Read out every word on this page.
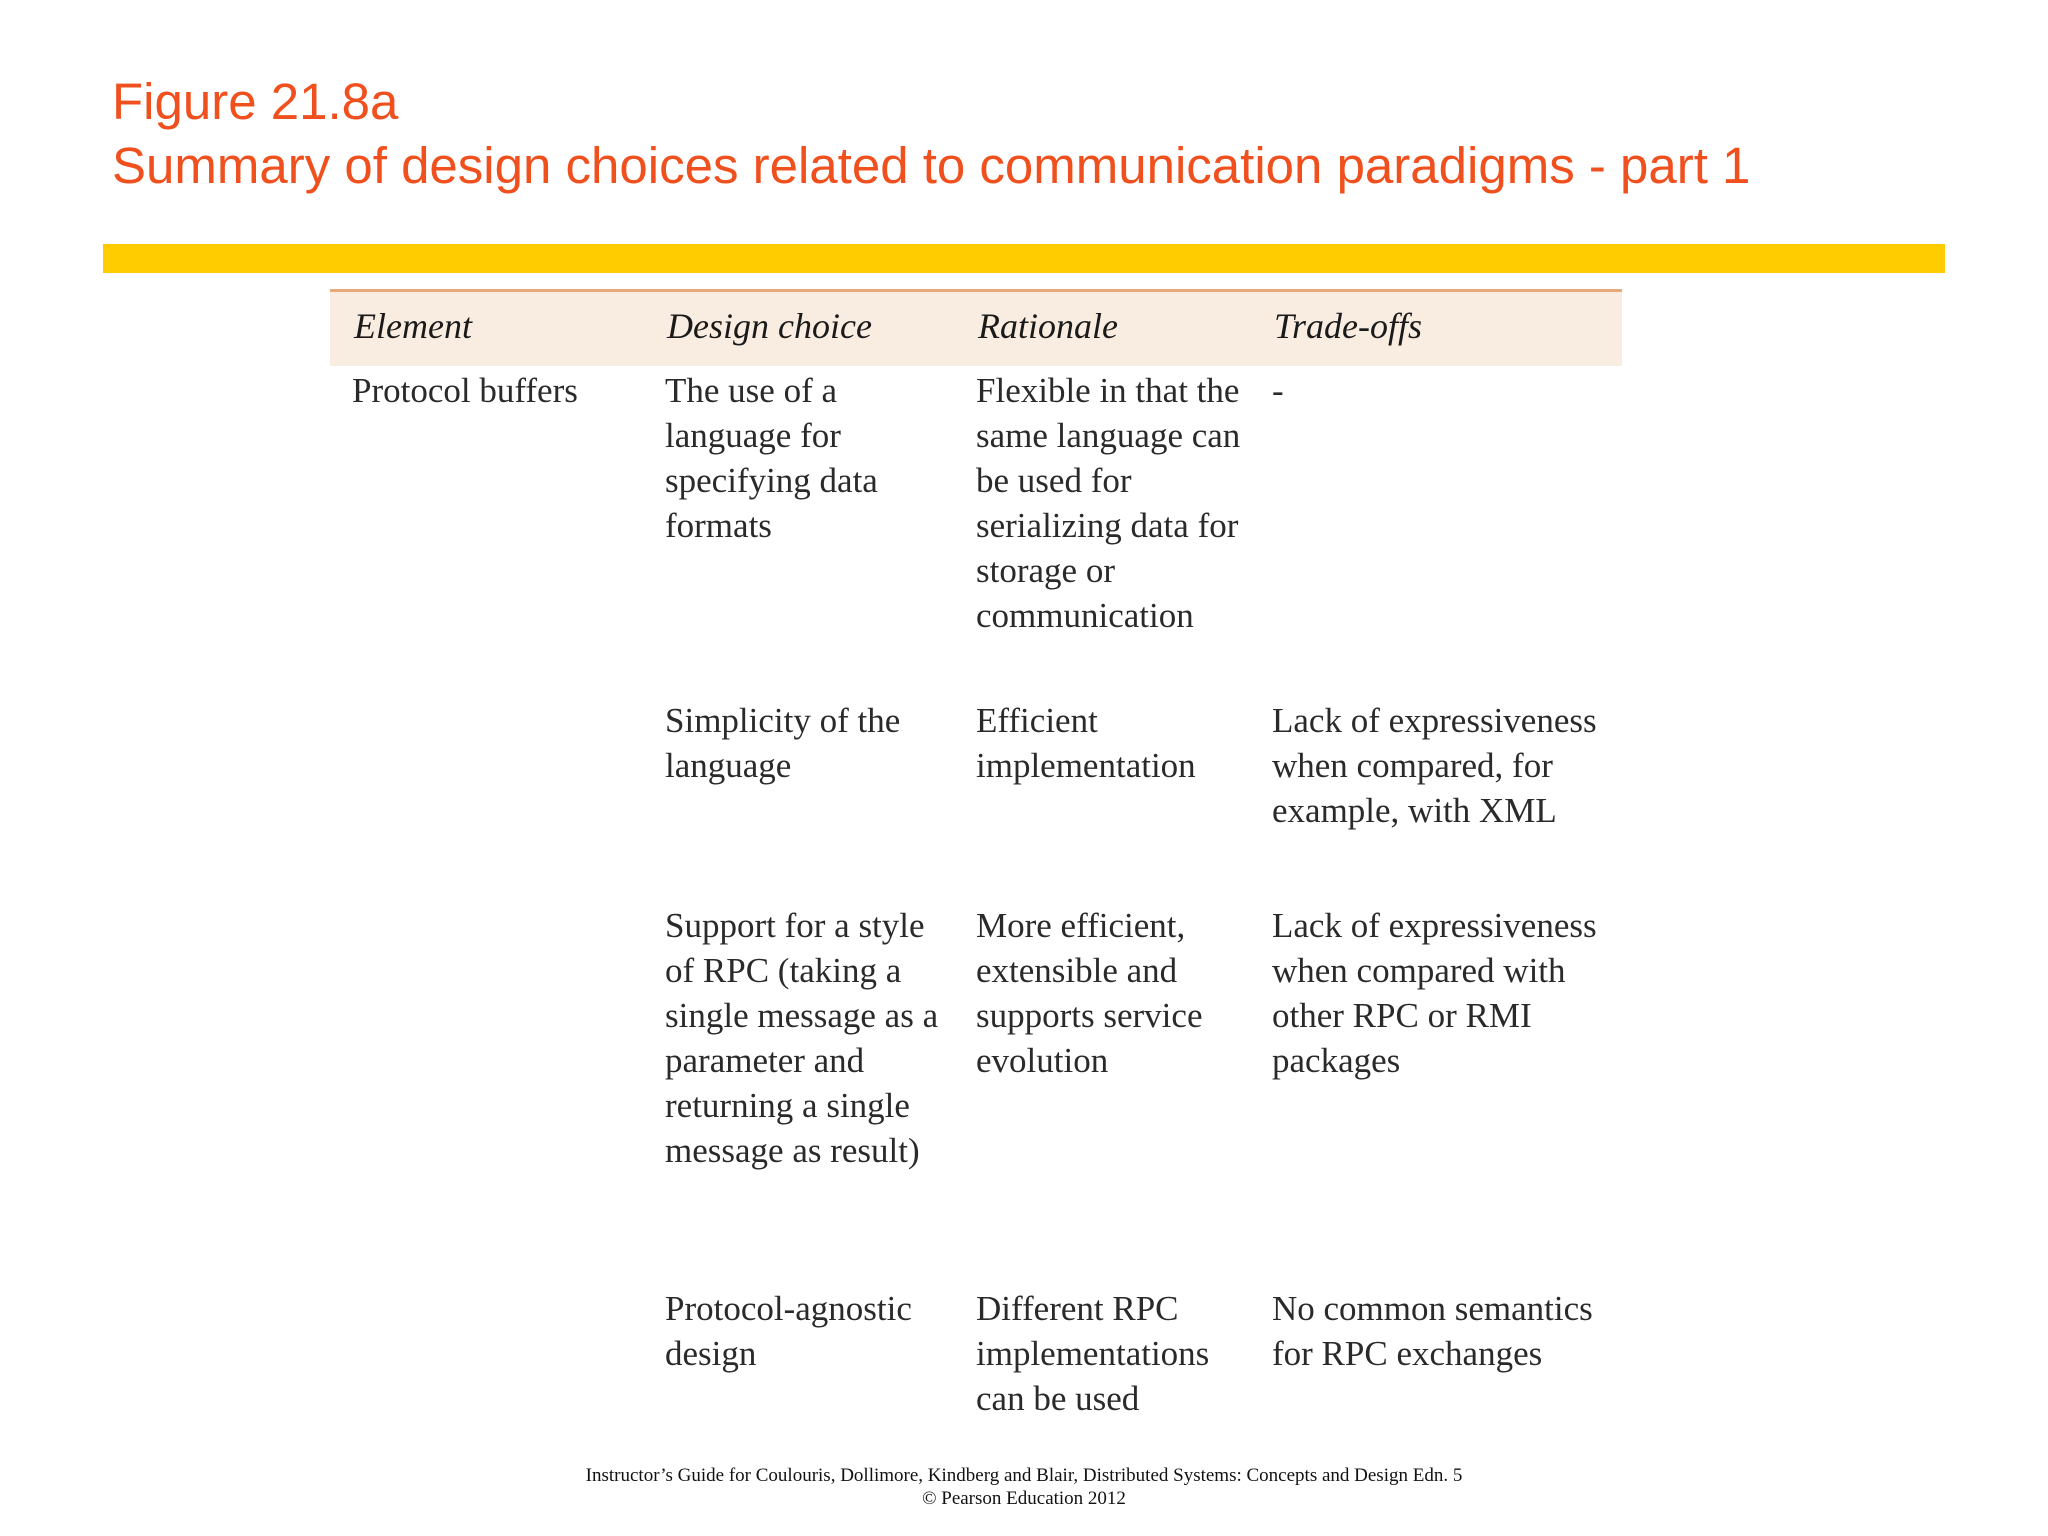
Figure 21.8a
Summary of design choices related to communication paradigms - part 1
Element	Design choice	Rationale	Trade-offs
Protocol buffers	The use of a language for specifying data formats	Flexible in that the same language can be used for serializing data for storage or communication	-
	Simplicity of the language	Efficient implementation	Lack of expressiveness when compared, for example, with XML
	Support for a style of RPC (taking a single message as a parameter and returning a single message as result)	More efficient, extensible and supports service evolution	Lack of expressiveness when compared with other RPC or RMI packages
	Protocol-agnostic design	Different RPC implementations can be used	No common semantics for RPC exchanges
Instructor’s Guide for Coulouris, Dollimore, Kindberg and Blair, Distributed Systems: Concepts and Design Edn. 5
© Pearson Education 2012
